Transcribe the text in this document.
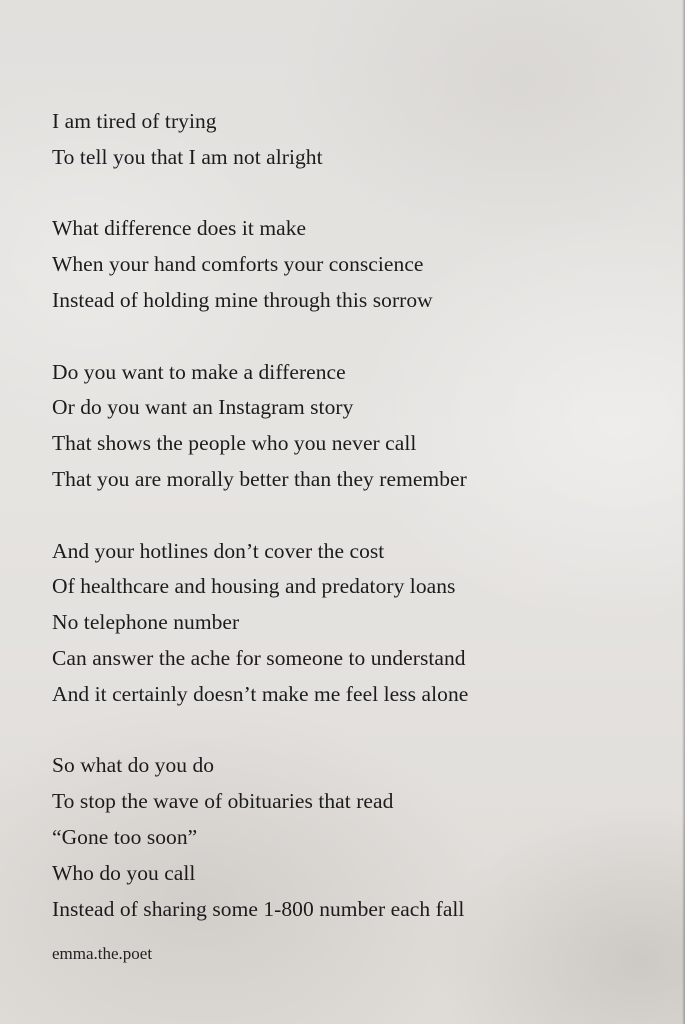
I am tired of trying
To tell you that I am not alright
What difference does it make
When your hand comforts your conscience
Instead of holding mine through this sorrow
Do you want to make a difference
Or do you want an Instagram story
That shows the people who you never call
That you are morally better than they remember
And your hotlines don’t cover the cost
Of healthcare and housing and predatory loans
No telephone number
Can answer the ache for someone to understand
And it certainly doesn’t make me feel less alone
So what do you do
To stop the wave of obituaries that read
“Gone too soon”
Who do you call
Instead of sharing some 1-800 number each fall
emma.the.poet
